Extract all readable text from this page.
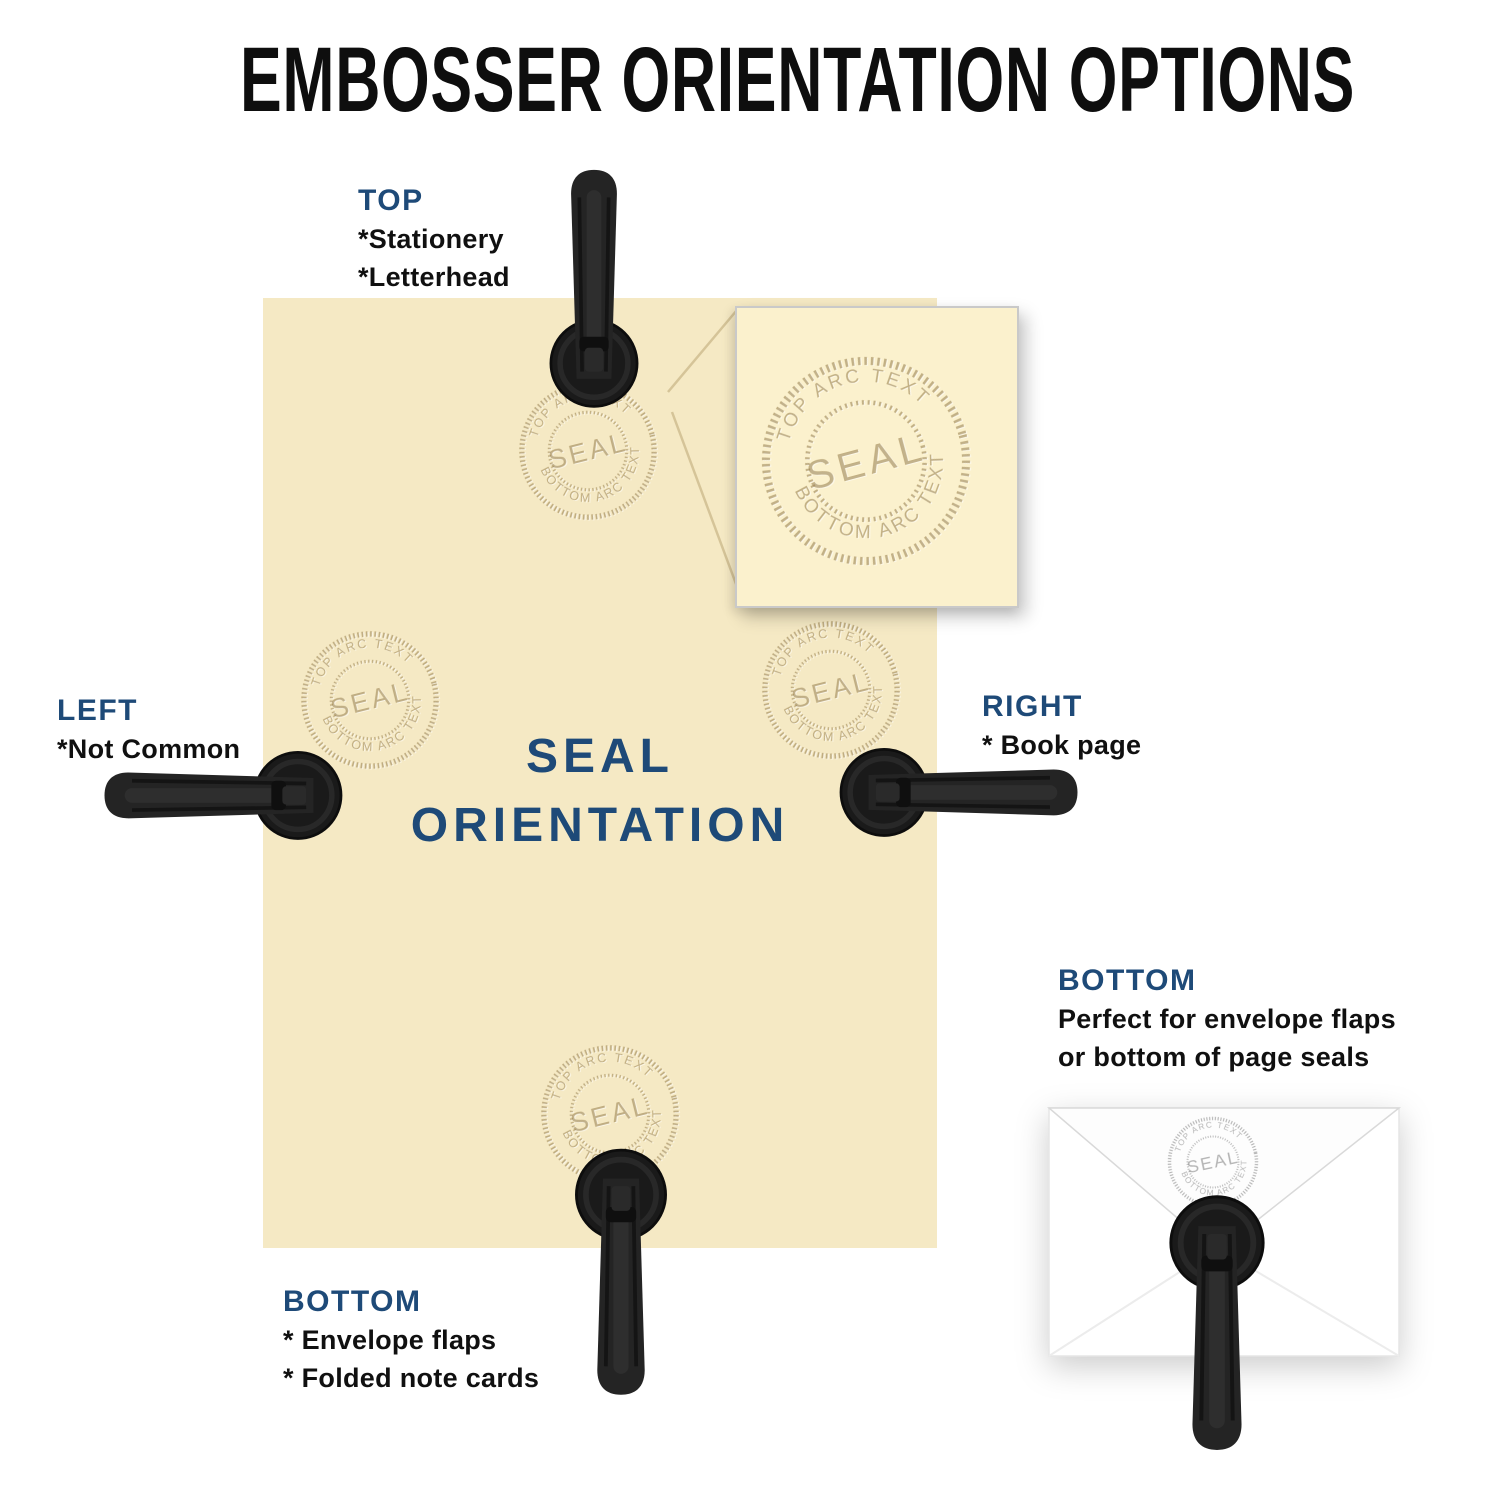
EMBOSSER ORIENTATION OPTIONS
SEAL
ORIENTATION
TOP
*Stationery
*Letterhead
LEFT
*Not Common
RIGHT
* Book page
BOTTOM
* Envelope flaps
* Folded note cards
BOTTOM
Perfect for envelope flaps
or bottom of page seals
